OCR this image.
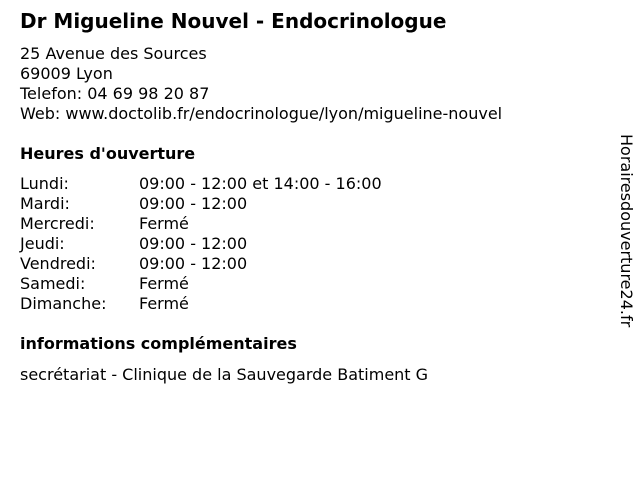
Dr Migueline Nouvel - Endocrinologue
25 Avenue des Sources
69009 Lyon
Telefon: 04 69 98 20 87
Web: www.doctolib.fr/endocrinologue/lyon/migueline-nouvel
Heures d'ouverture
Lundi:	09:00 - 12:00 et 14:00 - 16:00
Mardi:	09:00 - 12:00
Mercredi:	Fermé
Jeudi:	09:00 - 12:00
Vendredi:	09:00 - 12:00
Samedi:	Fermé
Dimanche: Fermé
informations complémentaires
secrétariat - Clinique de la Sauvegarde Batiment G
Horairesdouverture24.fr
